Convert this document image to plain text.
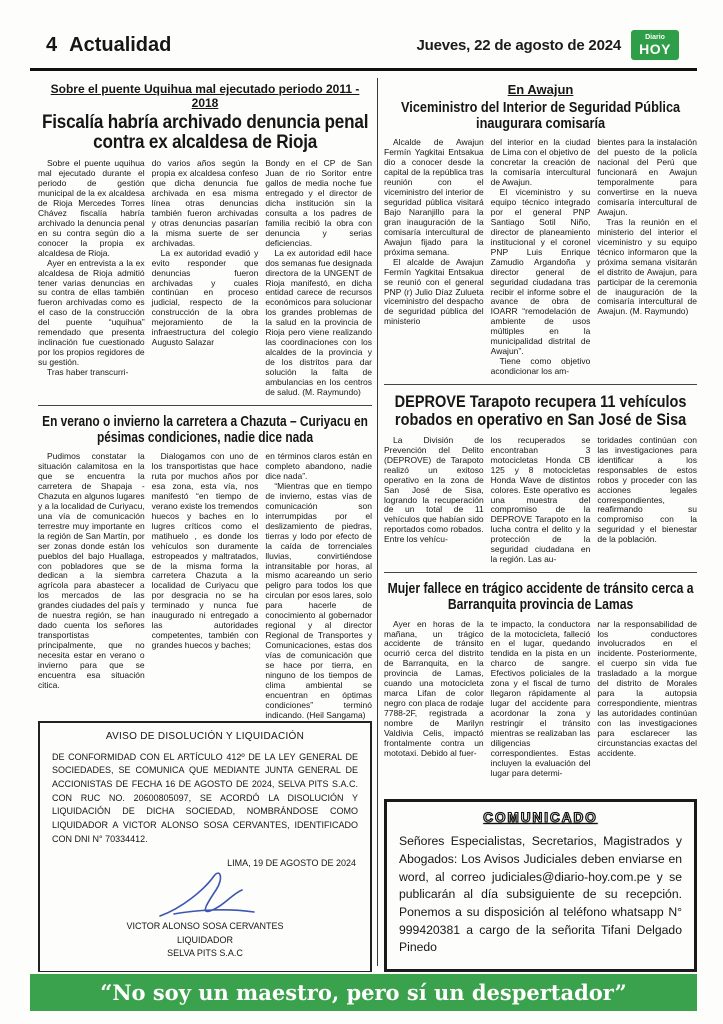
4 Actualidad	Jueves, 22 de agosto de 2024	Diario
HOY
Sobre el puente Uquihua mal ejecutado periodo 2011 - 2018
Fiscalía habría archivado denuncia penal contra ex alcaldesa de Rioja

Sobre el puente uquihua mal ejecutado durante el periodo de gestión municipal de la ex alcaldesa de Rioja Mercedes Torres Chávez fiscalía habría archivado la denuncia penal en su contra según dio a conocer la propia ex alcaldesa de Rioja.

Ayer en entrevista a la ex alcaldesa de Rioja admitió tener varias denuncias en su contra de ellas también fueron archivadas como es el caso de la construcción del puente “uquihua” remendado que presenta inclinación fue cuestionado por los propios regidores de su gestión.

Tras haber transcurri-

do varios años según la propia ex alcaldesa confeso que dicha denuncia fue archivada en esa misma línea otras denuncias también fueron archivadas y otras denuncias pasarían la misma suerte de ser archivadas.

La ex autoridad evadió y evito responder que denuncias fueron archivadas y cuales continúan en proceso judicial, respecto de la construcción de la obra mejoramiento de la infraestructura del colegio Augusto Salazar

Bondy en el CP de San Juan de rio Soritor entre gallos de media noche fue entregado y el director de dicha institución sin la consulta a los padres de familia recibió la obra con denuncia y serias deficiencias.

La ex autoridad edil hace dos semanas fue designada directora de la UNGENT de Rioja manifestó, en dicha entidad carece de recursos económicos para solucionar los grandes problemas de la salud en la provincia de Rioja pero viene realizando las coordinaciones con los alcaldes de la provincia y de los distritos para dar solución la falta de ambulancias en los centros de salud. (M. Raymundo)

En verano o invierno la carretera a Chazuta – Curiyacu en pésimas condiciones, nadie dice nada

Pudimos constatar la situación calamitosa en la que se encuentra la carretera de Shapaja - Chazuta en algunos lugares y a la localidad de Curiyacu, una vía de comunicación terrestre muy importante en la región de San Martín, por ser zonas donde están los pueblos del bajo Huallaga, con pobladores que se dedican a la siembra agrícola para abastecer a los mercados de las grandes ciudades del país y de nuestra región, se han dado cuenta los señores transportistas principalmente, que no necesita estar en verano o invierno para que se encuentra esa situación citica.

Dialogamos con uno de los transportistas que hace ruta por muchos años por esa zona, esta vía, nos manifestó “en tiempo de verano existe los tremendos huecos y baches en lo lugres críticos como el matihuelo , es donde los vehículos son duramente estropeados y maltratados, de la misma forma la carretera Chazuta a la localidad de Curiyacu que por desgracia no se ha terminado y nunca fue inaugurado ni entregado a las autoridades competentes, también con grandes huecos y baches;

en términos claros están en completo abandono, nadie dice nada”.

“Mientras que en tiempo de invierno, estas vías de comunicación son interrumpidas por el deslizamiento de piedras, tierras y lodo por efecto de la caída de torrenciales lluvias, convirtiéndose intransitable por horas, al mismo acareando un serio peligro para todos los que circulan por esos lares, solo para hacerle de conocimiento al gobernador regional y al director Regional de Transportes y Comunicaciones, estas dos vías de comunicación que se hace por tierra, en ninguno de los tiempos de clima ambiental se encuentran en óptimas condiciones” terminó indicando. (Heil Sangama)

AVISO DE DISOLUCIÓN Y LIQUIDACIÓN
DE CONFORMIDAD CON EL ARTÍCULO 412º DE LA LEY GENERAL DE SOCIEDADES, SE COMUNICA QUE MEDIANTE JUNTA GENERAL DE ACCIONISTAS DE FECHA 16 DE AGOSTO DE 2024, SELVA PITS S.A.C. CON RUC NO. 20600805097, SE ACORDÓ LA DISOLUCIÓN Y LIQUIDACIÓN DE DICHA SOCIEDAD, NOMBRÁNDOSE COMO LIQUIDADOR A VICTOR ALONSO SOSA CERVANTES, IDENTIFICADO CON DNI N° 70334412.
LIMA, 19 DE AGOSTO DE 2024
VICTOR ALONSO SOSA CERVANTES
LIQUIDADOR
SELVA PITS S.A.C
En Awajun
Viceministro del Interior de Seguridad Pública inaugurara comisaría

Alcalde de Awajun Fermín Yagkitai Entsakua dio a conocer desde la capital de la república tras reunión con el viceministro del interior de seguridad pública visitará Bajo Naranjillo para la gran inauguración de la comisaría intercultural de Awajun fijado para la próxima semana.

El alcalde de Awajun Fermín Yagkitai Entsakua se reunió con el general PNP (r) Julio Díaz Zulueta viceministro del despacho de seguridad pública del ministerio

del interior en la ciudad de Lima con el objetivo de concretar la creación de la comisaría intercultural de Awajun.

El viceministro y su equipo técnico integrado por el general PNP Santiago Sotil Niño, director de planeamiento institucional y el coronel PNP Luis Enrique Zamudio Argandoña y director general de seguridad ciudadana tras recibir el informe sobre el avance de obra de IOARR “remodelación de ambiente de usos múltiples en la municipalidad distrital de Awajun”.

Tiene como objetivo acondicionar los am-

bientes para la instalación del puesto de la policía nacional del Perú que funcionará en Awajun temporalmente para convertirse en la nueva comisaría intercultural de Awajun.

Tras la reunión en el ministerio del interior el viceministro y su equipo técnico informaron que la próxima semana visitarán el distrito de Awajun, para participar de la ceremonia de inauguración de la comisaría intercultural de Awajun. (M. Raymundo)

DEPROVE Tarapoto recupera 11 vehículos robados en operativo en San José de Sisa

La División de Prevención del Delito (DEPROVE) de Tarapoto realizó un exitoso operativo en la zona de San José de Sisa, logrando la recuperación de un total de 11 vehículos que habían sido reportados como robados. Entre los vehícu-

los recuperados se encontraban 3 motocicletas Honda CB 125 y 8 motocicletas Honda Wave de distintos colores. Este operativo es una muestra del compromiso de la DEPROVE Tarapoto en la lucha contra el delito y la protección de la seguridad ciudadana en la región. Las au-

toridades continúan con las investigaciones para identificar a los responsables de estos robos y proceder con las acciones legales correspondientes, reafirmando su compromiso con la seguridad y el bienestar de la población.

Mujer fallece en trágico accidente de tránsito cerca a Barranquita provincia de Lamas

Ayer en horas de la mañana, un trágico accidente de tránsito ocurrió cerca del distrito de Barranquita, en la provincia de Lamas, cuando una motocicleta marca Lifan de color negro con placa de rodaje 7788-2F, registrada a nombre de Marilyn Valdivia Celis, impactó frontalmente contra un mototaxi. Debido al fuer-

te impacto, la conductora de la motocicleta, falleció en el lugar, quedando tendida en la pista en un charco de sangre. Efectivos policiales de la zona y el fiscal de turno llegaron rápidamente al lugar del accidente para acordonar la zona y restringir el tránsito mientras se realizaban las diligencias correspondientes. Estas incluyen la evaluación del lugar para determi-

nar la responsabilidad de los conductores involucrados en el incidente. Posteriormente, el cuerpo sin vida fue trasladado a la morgue del distrito de Morales para la autopsia correspondiente, mientras las autoridades continúan con las investigaciones para esclarecer las circunstancias exactas del accidente.

COMUNICADO
Señores Especialistas, Secretarios, Magistrados y Abogados: Los Avisos Judiciales deben enviarse en word, al correo judiciales@diario-hoy.com.pe y se publicarán al día subsiguiente de su recepción. Ponemos a su disposición al teléfono whatsapp N° 999420381 a cargo de la señorita Tifani Delgado Pinedo
“No soy un maestro, pero sí un despertador”
